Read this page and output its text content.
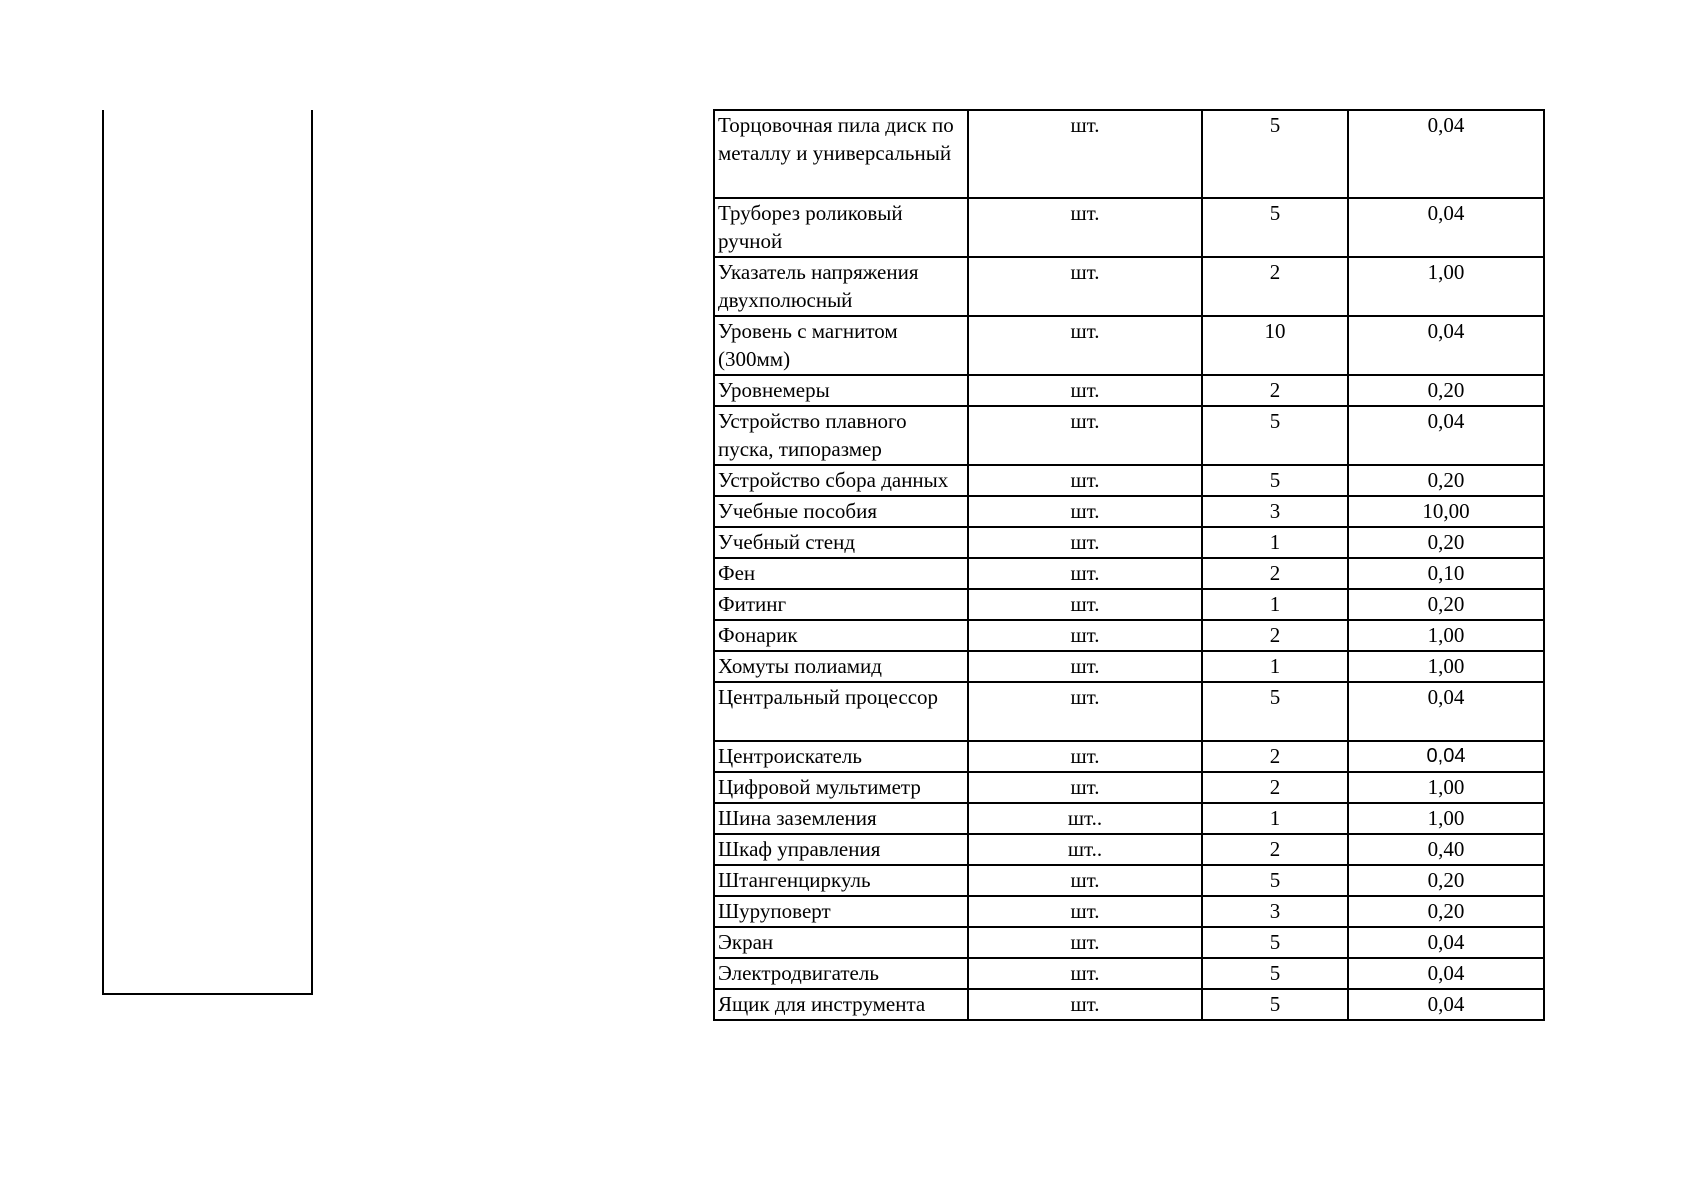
Торцовочная пила диск по металлу и универсальный	шт.	5	0,04
Труборез роликовый ручной	шт.	5	0,04
Указатель напряжения двухполюсный	шт.	2	1,00
Уровень с магнитом (300мм)	шт.	10	0,04
Уровнемеры	шт.	2	0,20
Устройство плавного пуска, типоразмер	шт.	5	0,04
Устройство сбора данных	шт.	5	0,20
Учебные пособия	шт.	3	10,00
Учебный стенд	шт.	1	0,20
Фен	шт.	2	0,10
Фитинг	шт.	1	0,20
Фонарик	шт.	2	1,00
Хомуты полиамид	шт.	1	1,00
Центральный процессор	шт.	5	0,04
Центроискатель	шт.	2	0,04
Цифровой мультиметр	шт.	2	1,00
Шина заземления	шт..	1	1,00
Шкаф управления	шт..	2	0,40
Штангенциркуль	шт.	5	0,20
Шуруповерт	шт.	3	0,20
Экран	шт.	5	0,04
Электродвигатель	шт.	5	0,04
Ящик для инструмента	шт.	5	0,04
